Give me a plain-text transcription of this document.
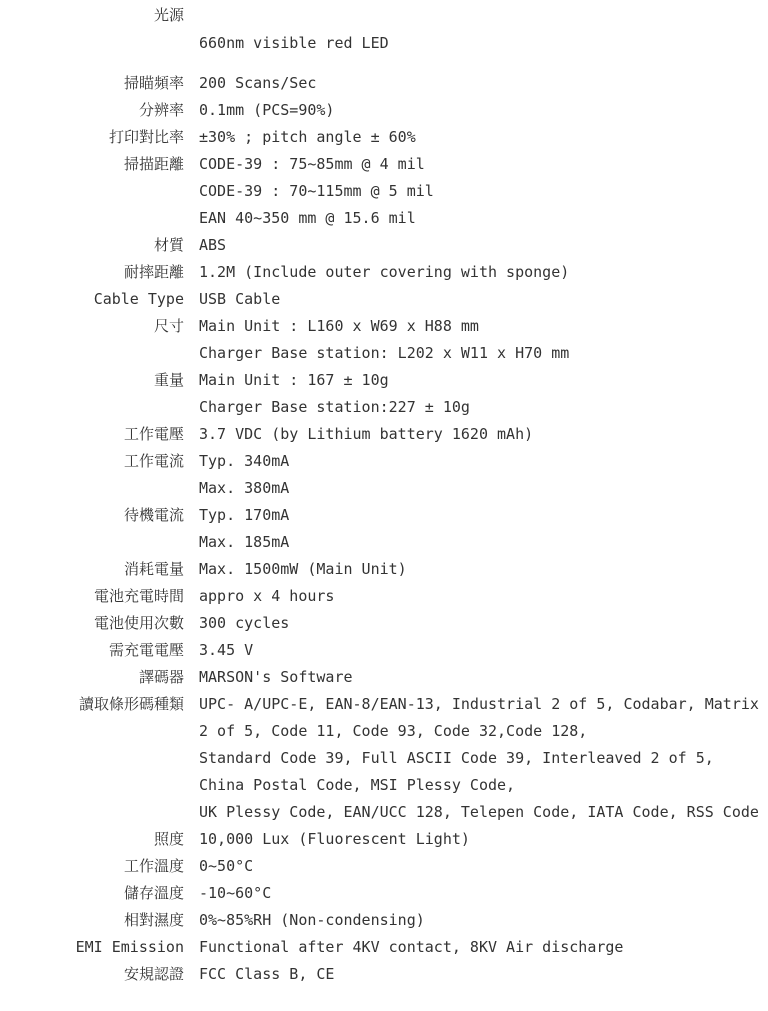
光源	
	660nm visible red LED

掃瞄頻率	200 Scans/Sec
分辨率	0.1mm (PCS=90%)
打印對比率	±30% ; pitch angle ± 60%
掃描距離	CODE-39 : 75~85mm @ 4 mil
	CODE-39 : 70~115mm @ 5 mil
	EAN 40~350 mm @ 15.6 mil
材質	ABS
耐摔距離	1.2M (Include outer covering with sponge)
Cable Type	USB Cable
尺寸	Main Unit : L160 x W69 x H88 mm
	Charger Base station: L202 x W11 x H70 mm
重量	Main Unit : 167 ± 10g
	Charger Base station:227 ± 10g
工作電壓	3.7 VDC (by Lithium battery 1620 mAh)
工作電流	Typ. 340mA
	Max. 380mA
待機電流	Typ. 170mA
	Max. 185mA
消耗電量	Max. 1500mW (Main Unit)
電池充電時間	appro x 4 hours
電池使用次數	300 cycles
需充電電壓	3.45 V
譯碼器	MARSON's Software
讀取條形碼種類	UPC- A/UPC-E, EAN-8/EAN-13, Industrial 2 of 5, Codabar, Matrix
	2 of 5, Code 11, Code 93, Code 32,Code 128,
	Standard Code 39, Full ASCII Code 39, Interleaved 2 of 5,
	China Postal Code, MSI Plessy Code,
	UK Plessy Code, EAN/UCC 128, Telepen Code, IATA Code, RSS Code
照度	10,000 Lux (Fluorescent Light)
工作溫度	0~50°C
儲存溫度	-10~60°C
相對濕度	0%~85%RH (Non-condensing)
EMI Emission	Functional after 4KV contact, 8KV Air discharge
安規認證	FCC Class B, CE
